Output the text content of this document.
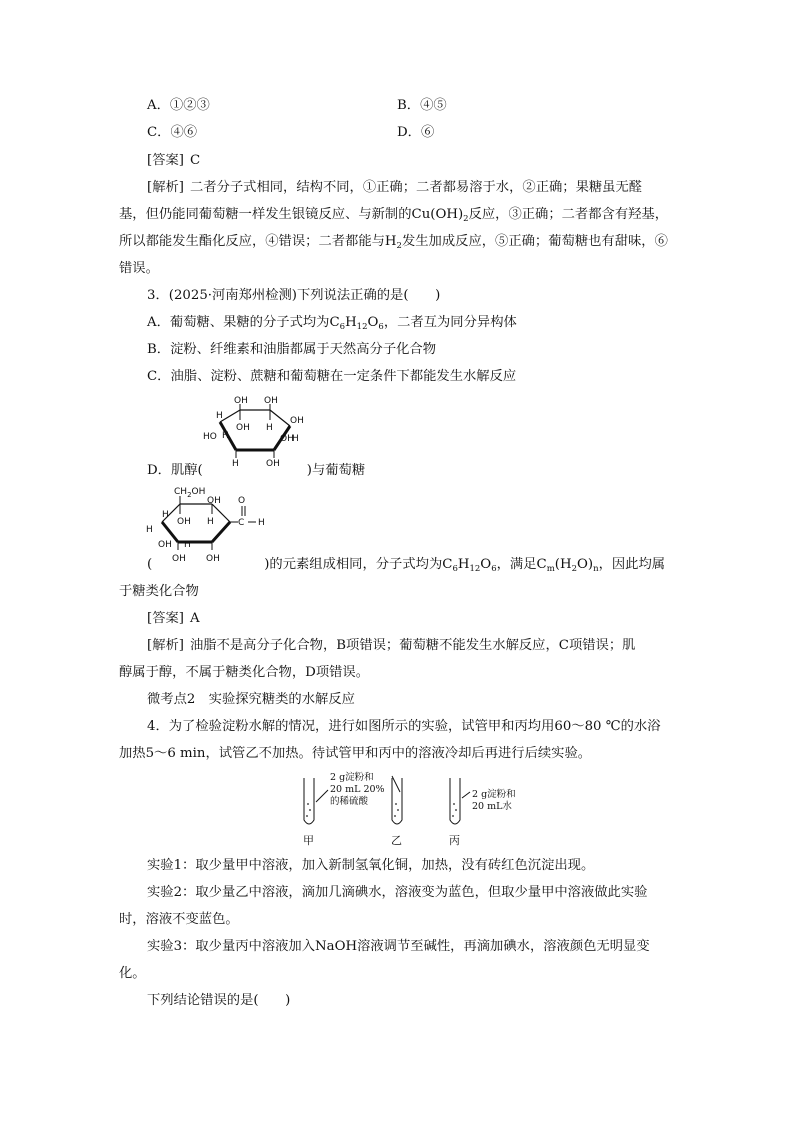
A．①②③	B．④⑤
C．④⑥	D．⑥
[答案] C
[解析] 二者分子式相同，结构不同，①正确；二者都易溶于水，②正确；果糖虽无醛
基，但仍能同葡萄糖一样发生银镜反应、与新制的$Cu(OH)_2$反应，③正确；二者都含有羟基，
所以都能发生酯化反应，④错误；二者都能与$H_2$发生加成反应，⑤正确；葡萄糖也有甜味，⑥
错误。
3．(2025·河南郑州检测)下列说法正确的是(　　)
A．葡萄糖、果糖的分子式均为$C_6H_{12}O_6$，二者互为同分异构体
B．淀粉、纤维素和油脂都属于天然高分子化合物
C．油脂、淀粉、蔗糖和葡萄糖在一定条件下都能发生水解反应
OH OH
OH
H
OH H
HO H	H
OH
H	OH
D．肌醇(	)与葡萄糖
$CH_2OH$
OH O
H
OH H
H
C H
OH H
OH OH
(	)的元素组成相同，分子式均为$C_6H_{12}O_6$，满足$C_m(H_2O)_n$，因此均属
于糖类化合物
[答案] A
[解析] 油脂不是高分子化合物，B项错误；葡萄糖不能发生水解反应，C项错误；肌
醇属于醇，不属于糖类化合物，D项错误。
微考点2　实验探究糖类的水解反应
4．为了检验淀粉水解的情况，进行如图所示的实验，试管甲和丙均用60～80 ℃的水浴
加热5～6 min，试管乙不加热。待试管甲和丙中的溶液冷却后再进行后续实验。
2 g淀粉和
20 mL 20%
的稀硫酸
2 g淀粉和
20 mL水
甲	乙	丙
实验1：取少量甲中溶液，加入新制氢氧化铜，加热，没有砖红色沉淀出现。
实验2：取少量乙中溶液，滴加几滴碘水，溶液变为蓝色，但取少量甲中溶液做此实验
时，溶液不变蓝色。
实验3：取少量丙中溶液加入NaOH溶液调节至碱性，再滴加碘水，溶液颜色无明显变
化。
下列结论错误的是(　　)
